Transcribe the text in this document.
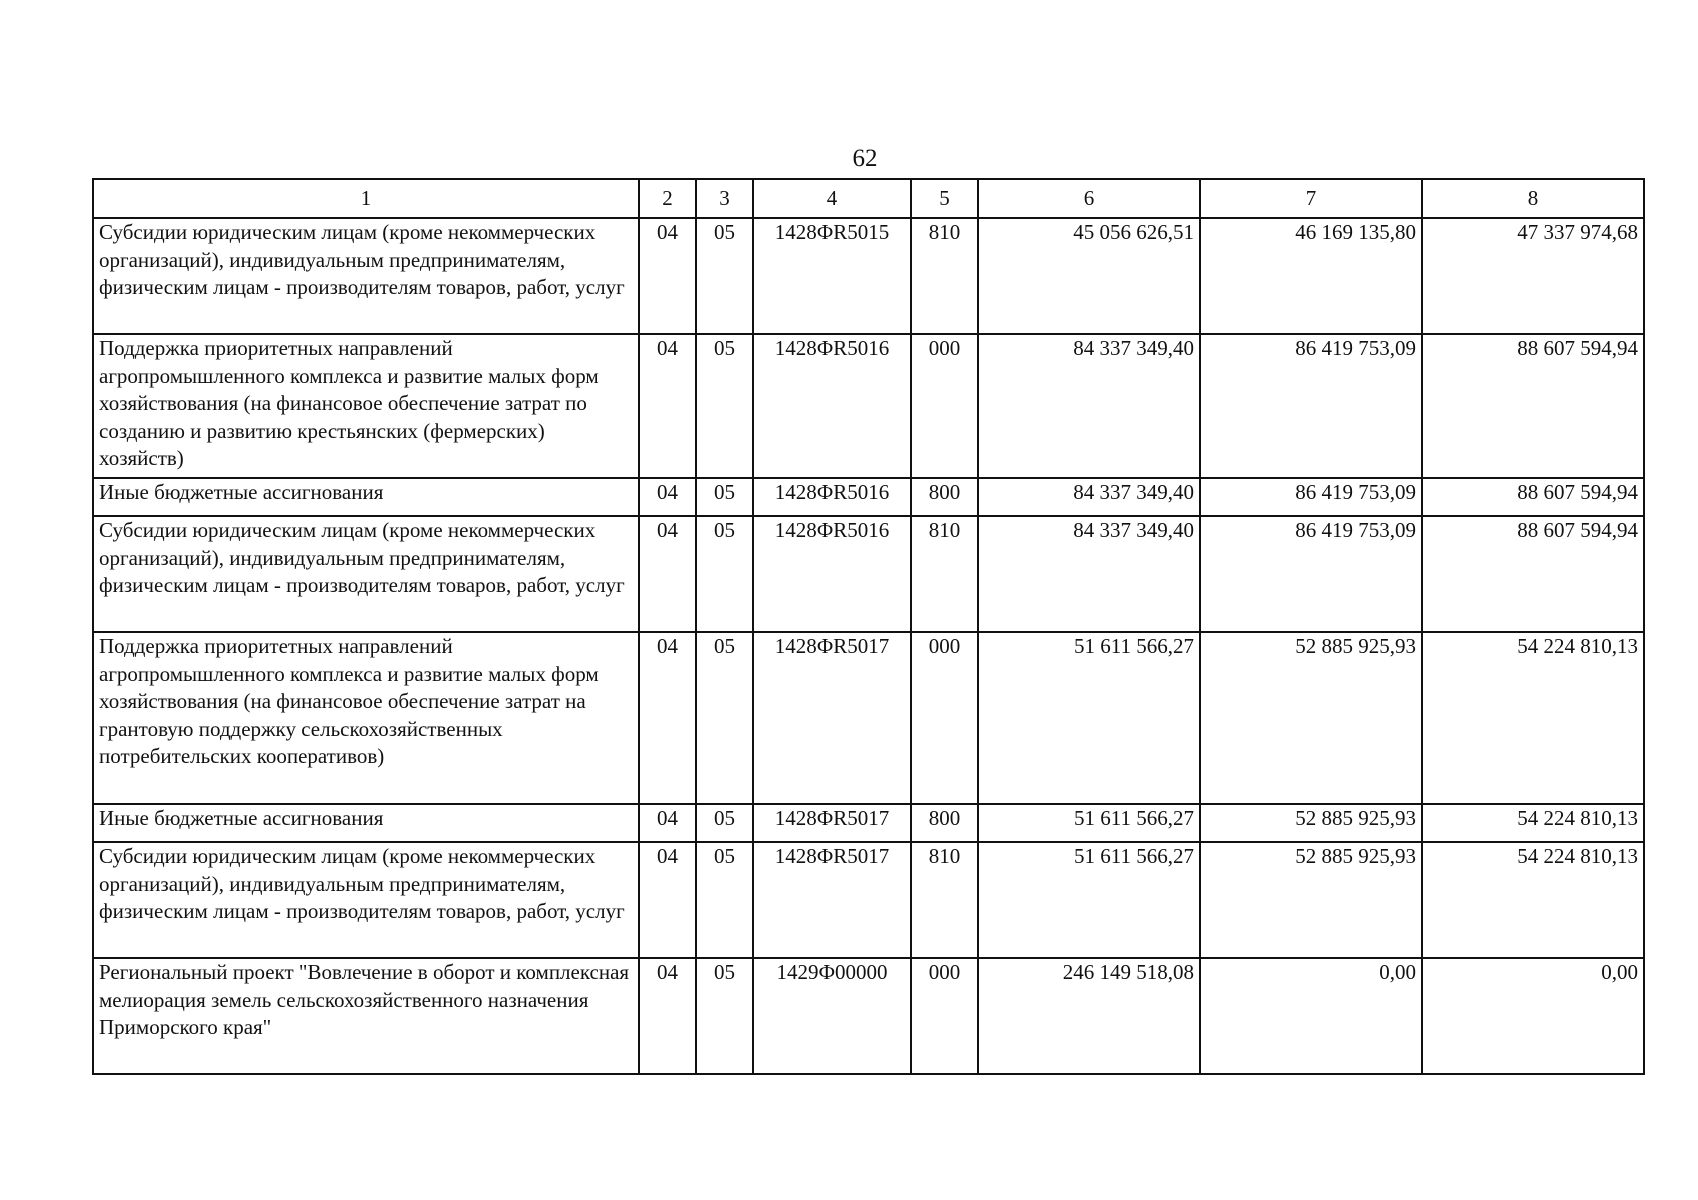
62
1	2	3	4	5	6	7	8
Субсидии юридическим лицам (кроме некоммерческих организаций), индивидуальным предпринимателям, физическим лицам - производителям товаров, работ, услуг	04	05	1428ФR5015	810	45 056 626,51	46 169 135,80	47 337 974,68
Поддержка приоритетных направлений агропромышленного комплекса и развитие малых форм хозяйствования (на финансовое обеспечение затрат по созданию и развитию крестьянских (фермерских) хозяйств)	04	05	1428ФR5016	000	84 337 349,40	86 419 753,09	88 607 594,94
Иные бюджетные ассигнования	04	05	1428ФR5016	800	84 337 349,40	86 419 753,09	88 607 594,94
Субсидии юридическим лицам (кроме некоммерческих организаций), индивидуальным предпринимателям, физическим лицам - производителям товаров, работ, услуг	04	05	1428ФR5016	810	84 337 349,40	86 419 753,09	88 607 594,94
Поддержка приоритетных направлений агропромышленного комплекса и развитие малых форм хозяйствования (на финансовое обеспечение затрат на грантовую поддержку сельскохозяйственных потребительских кооперативов)	04	05	1428ФR5017	000	51 611 566,27	52 885 925,93	54 224 810,13
Иные бюджетные ассигнования	04	05	1428ФR5017	800	51 611 566,27	52 885 925,93	54 224 810,13
Субсидии юридическим лицам (кроме некоммерческих организаций), индивидуальным предпринимателям, физическим лицам - производителям товаров, работ, услуг	04	05	1428ФR5017	810	51 611 566,27	52 885 925,93	54 224 810,13
Региональный проект "Вовлечение в оборот и комплексная мелиорация земель сельскохозяйственного назначения Приморского края"	04	05	1429Ф00000	000	246 149 518,08	0,00	0,00
